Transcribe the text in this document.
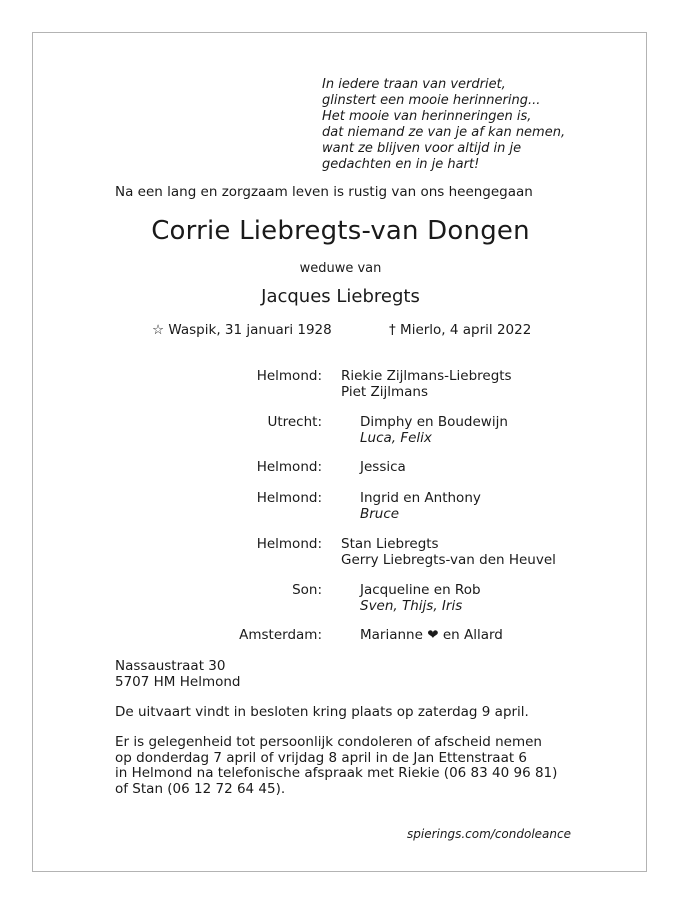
In iedere traan van verdriet,
glinstert een mooie herinnering...
Het mooie van herinneringen is,
dat niemand ze van je af kan nemen,
want ze blijven voor altijd in je
gedachten en in je hart!
Na een lang en zorgzaam leven is rustig van ons heengegaan
Corrie Liebregts-van Dongen
weduwe van
Jacques Liebregts
☆ Waspik, 31 januari 1928	† Mierlo, 4 april 2022
Helmond: Riekie Zijlmans-Liebregts
Piet Zijlmans
Utrecht:	Dimphy en Boudewijn
Luca, Felix
Helmond:	Jessica
Helmond:	Ingrid en Anthony
Bruce
Helmond: Stan Liebregts
Gerry Liebregts-van den Heuvel
Son:	Jacqueline en Rob
Sven, Thijs, Iris
Amsterdam:	Marianne ❤ en Allard
Nassaustraat 30
5707 HM Helmond
De uitvaart vindt in besloten kring plaats op zaterdag 9 april.
Er is gelegenheid tot persoonlijk condoleren of afscheid nemen
op donderdag 7 april of vrijdag 8 april in de Jan Ettenstraat 6
in Helmond na telefonische afspraak met Riekie (06 83 40 96 81)
of Stan (06 12 72 64 45).
spierings.com/condoleance
